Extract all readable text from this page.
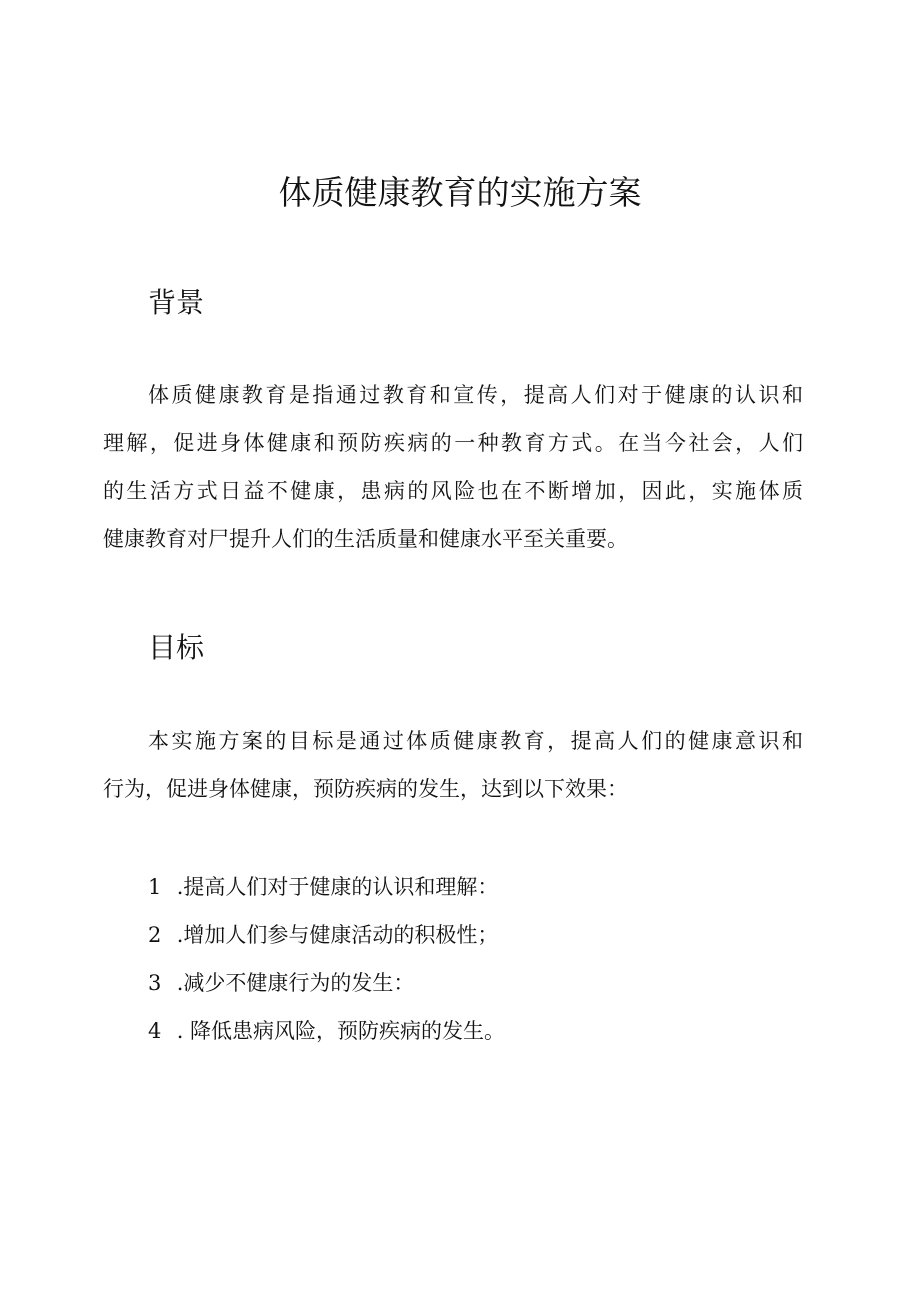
体质健康教育的实施方案
背景

体质健康教育是指通过教育和宣传，提高人们对于健康的认识和
理解，促进身体健康和预防疾病的一种教育方式。在当今社会，人们
的生活方式日益不健康，患病的风险也在不断增加，因此，实施体质
健康教育对尸提升人们的生活质量和健康水平至关重要。

目标

本实施方案的目标是通过体质健康教育，提高人们的健康意识和
行为，促进身体健康，预防疾病的发生，达到以下效果：

1 .提高人们对于健康的认识和理解：
2 .增加人们参与健康活动的积极性；
3 .减少不健康行为的发生：
4 . 降低患病风险，预防疾病的发生。
